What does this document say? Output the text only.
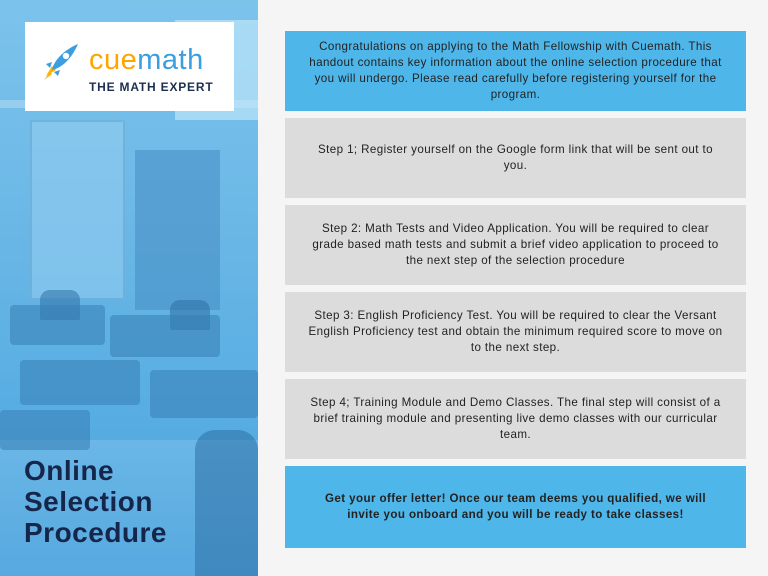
Online
Selection
Procedure
cuemath
THE MATH EXPERT
Congratulations on applying to the Math Fellowship with Cuemath. This handout contains key information about the online selection procedure that you will undergo. Please read carefully before registering yourself for the program.
Step 1; Register yourself on the Google form link that will be sent out to you.
Step 2: Math Tests and Video Application. You will be required to clear grade based math tests and submit a brief video application to proceed to the next step of the selection procedure
Step 3: English Proficiency Test. You will be required to clear the Versant English Proficiency test and obtain the minimum required score to move on to the next step.
Step 4; Training Module and Demo Classes. The final step will consist of a brief training module and presenting live demo classes with our curricular team.
Get your offer letter! Once our team deems you qualified, we will invite you onboard and you will be ready to take classes!
